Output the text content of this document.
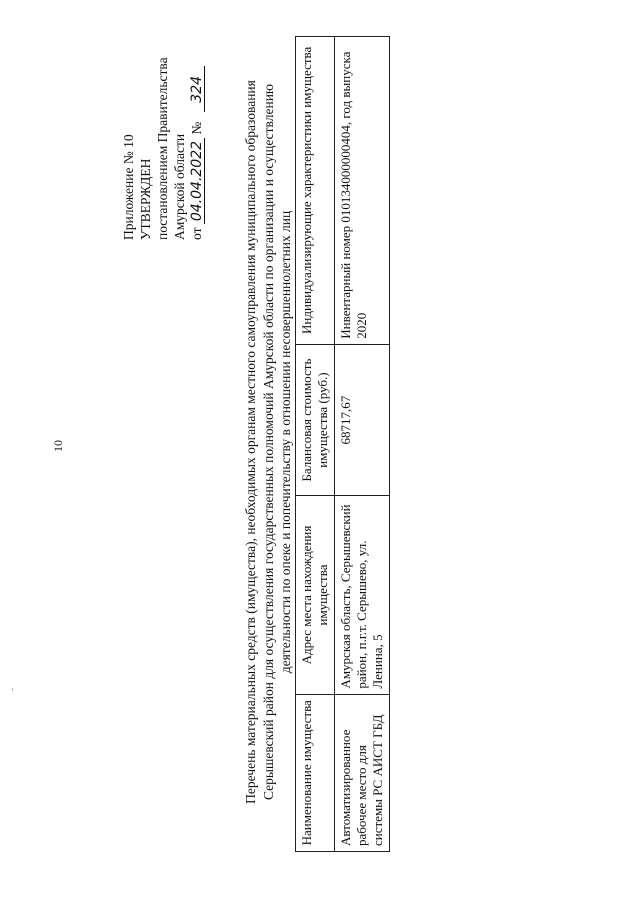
10
Приложение № 10 УТВЕРЖДЕН постановлением Правительства Амурской области от 04.04.2022 № 324	Перечень материальных средств (имущества), необходимых органам местного самоуправления муниципального образования Серышевский район для осуществления государственных полномочий Амурской области по организации и осуществлению деятельности по опеке и попечительству в отношении несовершеннолетних лиц
Наименование имущества	Адрес места нахождения имущества	Балансовая стоимость имущества (руб.)	Индивидуализирующие характеристики имущества
Автоматизированное рабочее место для системы РС АИСТ ГБД	Амурская область, Серышевский район, п.г.т. Серышево, ул. Ленина, 5	68717,67	Инвентарный номер 010134000000404, год выпуска 2020
